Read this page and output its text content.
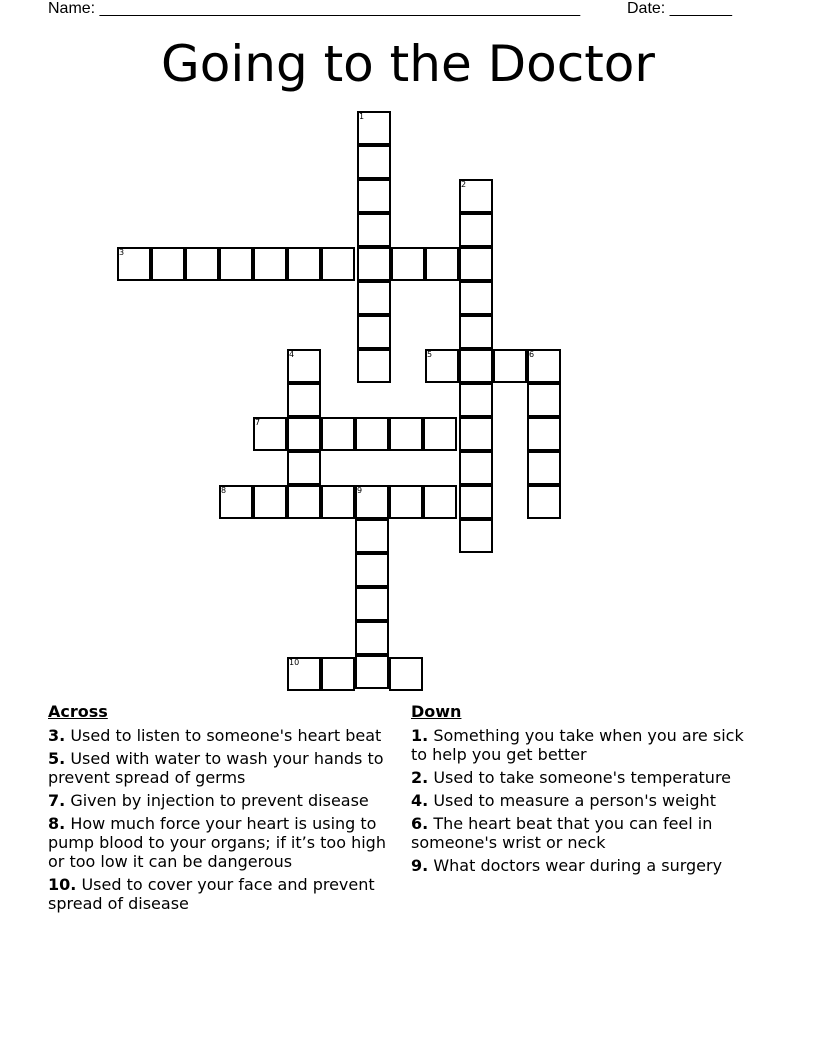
Name: ______________________________________________________	Date: _______
Going to the Doctor
1
2
3
4	5	6
7
8	9
10
Across
3. Used to listen to someone's heart beat
5. Used with water to wash your hands to prevent spread of germs
7. Given by injection to prevent disease
8. How much force your heart is using to pump blood to your organs; if it’s too high or too low it can be dangerous
10. Used to cover your face and prevent spread of disease
Down
1. Something you take when you are sick to help you get better
2. Used to take someone's temperature
4. Used to measure a person's weight
6. The heart beat that you can feel in someone's wrist or neck
9. What doctors wear during a surgery
